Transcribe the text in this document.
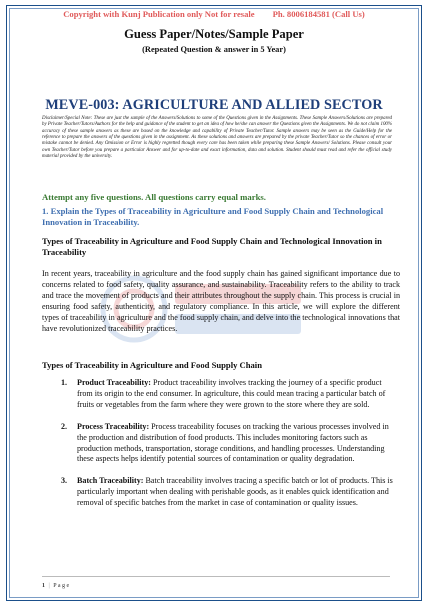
Copyright with Kunj Publication only Not for resale Ph. 8006184581 (Call Us)
Guess Paper/Notes/Sample Paper
(Repeated Question & answer in 5 Year)
MEVE-003: AGRICULTURE AND ALLIED SECTOR
Disclaimer/Special Note: These are just the sample of the Answers/Solutions to some of the Questions given in the Assignments. These Sample Answers/Solutions are prepared by Private Teacher/Tutors/Authors for the help and guidance of the student to get an idea of how he/she can answer the Questions given the Assignments. We do not claim 100% accuracy of these sample answers as these are based on the knowledge and capability of Private Teacher/Tutor. Sample answers may be seen as the Guide/Help for the reference to prepare the answers of the questions given in the assignment. As these solutions and answers are prepared by the private Teacher/Tutor so the chances of error or mistake cannot be denied. Any Omission or Error is highly regretted though every care has been taken while preparing these Sample Answers/ Solutions. Please consult your own Teacher/Tutor before you prepare a particular Answer and for up-to-date and exact information, data and solution. Student should must read and refer the official study material provided by the university.
Attempt any five questions. All questions carry equal marks.
1. Explain the Types of Traceability in Agriculture and Food Supply Chain and Technological Innovation in Traceability.
Types of Traceability in Agriculture and Food Supply Chain and Technological Innovation in Traceability
In recent years, traceability in agriculture and the food supply chain has gained significant importance due to concerns related to food safety, quality assurance, and sustainability. Traceability refers to the ability to track and trace the movement of products and their attributes throughout the supply chain. This process is crucial in ensuring food safety, authenticity, and regulatory compliance. In this article, we will explore the different types of traceability in agriculture and the food supply chain, and delve into the technological innovations that have revolutionized traceability practices.
Types of Traceability in Agriculture and Food Supply Chain
1. Product Traceability: Product traceability involves tracking the journey of a specific product from its origin to the end consumer. In agriculture, this could mean tracing a particular batch of fruits or vegetables from the farm where they were grown to the store where they are sold.
2. Process Traceability: Process traceability focuses on tracking the various processes involved in the production and distribution of food products. This includes monitoring factors such as production methods, transportation, storage conditions, and handling processes. Understanding these aspects helps identify potential sources of contamination or quality degradation.
3. Batch Traceability: Batch traceability involves tracing a specific batch or lot of products. This is particularly important when dealing with perishable goods, as it enables quick identification and removal of specific batches from the market in case of contamination or quality issues.
1 | P a g e
